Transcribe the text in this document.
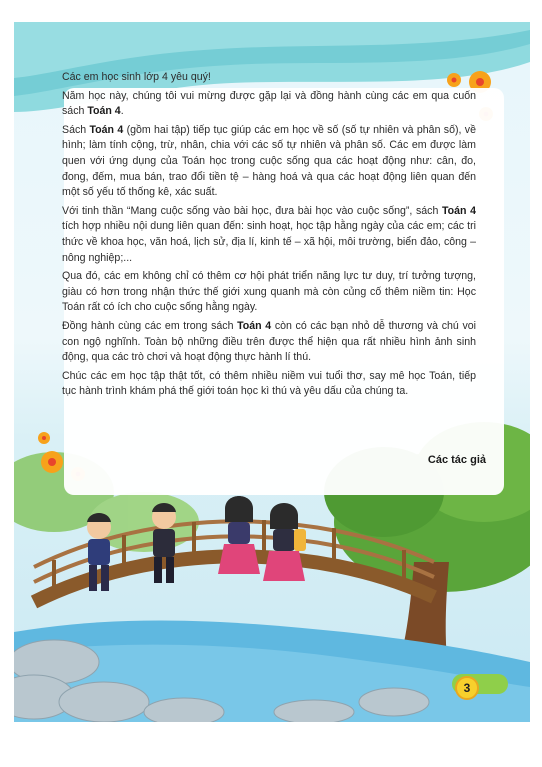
Các em học sinh lớp 4 yêu quý!

Năm học này, chúng tôi vui mừng được gặp lại và đồng hành cùng các em qua cuốn sách Toán 4.

Sách Toán 4 (gồm hai tập) tiếp tục giúp các em học về số (số tự nhiên và phân số), về hình; làm tính cộng, trừ, nhân, chia với các số tự nhiên và phân số. Các em được làm quen với ứng dụng của Toán học trong cuộc sống qua các hoạt động như: cân, đo, đong, đếm, mua bán, trao đổi tiền tệ – hàng hoá và qua các hoạt động liên quan đến một số yếu tố thống kê, xác suất.

Với tinh thần “Mang cuộc sống vào bài học, đưa bài học vào cuộc sống”, sách Toán 4 tích hợp nhiều nội dung liên quan đến: sinh hoạt, học tập hằng ngày của các em; các tri thức về khoa học, văn hoá, lịch sử, địa lí, kinh tế – xã hội, môi trường, biển đảo, công – nông nghiệp;...

Qua đó, các em không chỉ có thêm cơ hội phát triển năng lực tư duy, trí tưởng tượng, giàu có hơn trong nhận thức thế giới xung quanh mà còn củng cố thêm niềm tin: Học Toán rất có ích cho cuộc sống hằng ngày.

Đồng hành cùng các em trong sách Toán 4 còn có các bạn nhỏ dễ thương và chú voi con ngộ nghĩnh. Toàn bộ những điều trên được thể hiện qua rất nhiều hình ảnh sinh động, qua các trò chơi và hoạt động thực hành lí thú.

Chúc các em học tập thật tốt, có thêm nhiều niềm vui tuổi thơ, say mê học Toán, tiếp tục hành trình khám phá thế giới toán học kì thú và yêu dấu của chúng ta.

Các tác giả
3
